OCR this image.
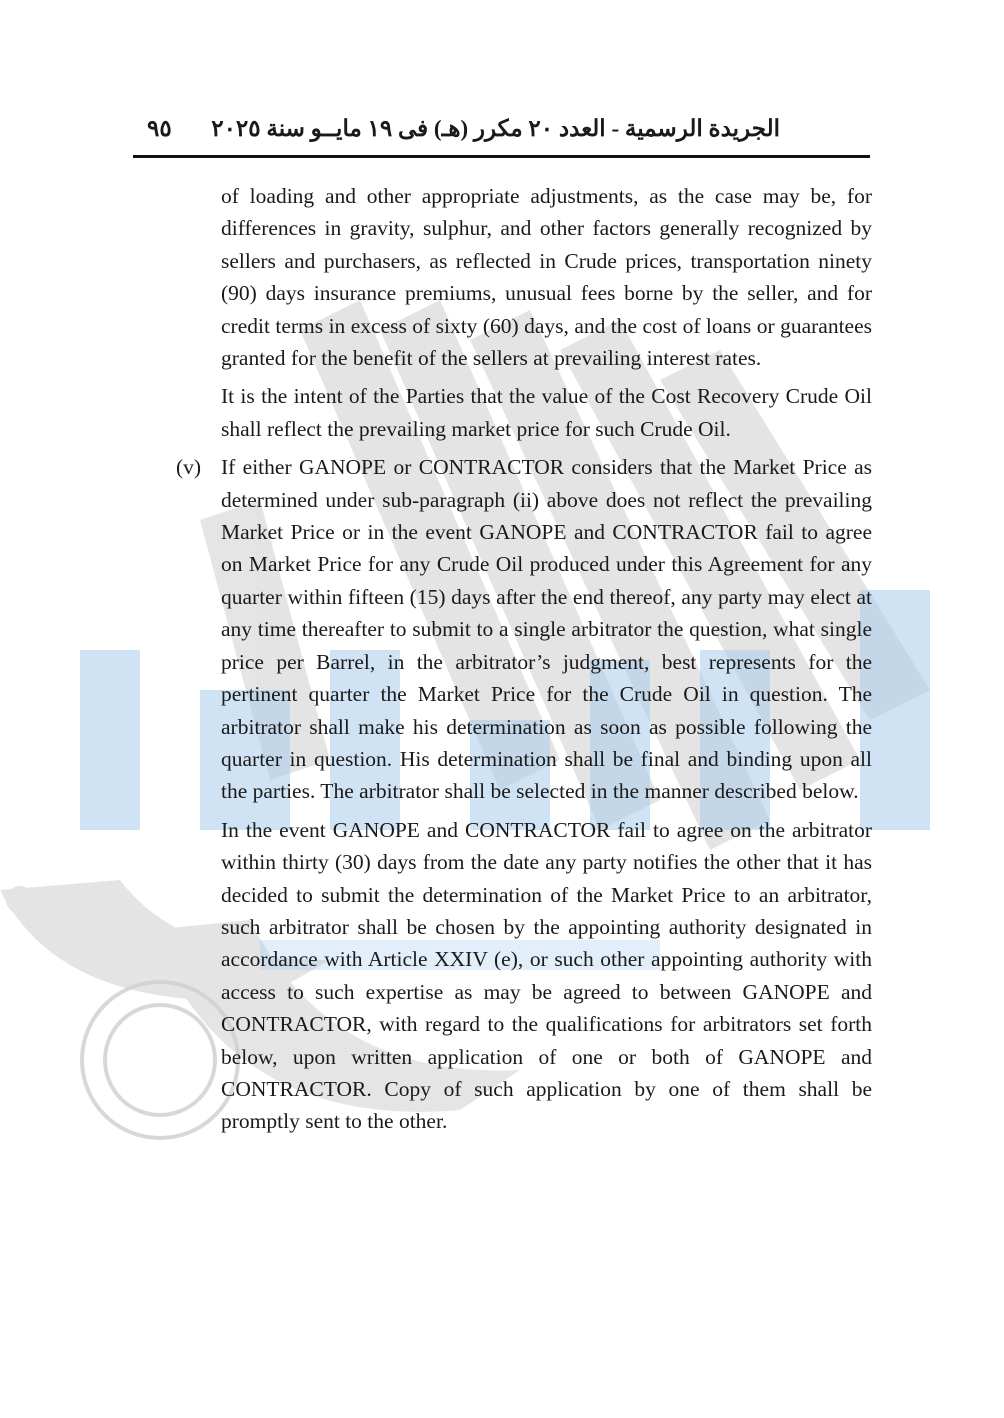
الجريدة الرسمية - العدد ٢٠ مكرر (هـ) فى ١٩ مايــو سنة ٢٠٢٥
٩٥

of loading and other appropriate adjustments, as the case may be, for differences in gravity, sulphur, and other factors generally recognized by sellers and purchasers, as reflected in Crude prices, transportation ninety (90) days insurance premiums, unusual fees borne by the seller, and for credit terms in excess of sixty (60) days, and the cost of loans or guarantees granted for the benefit of the sellers at prevailing interest rates.

It is the intent of the Parties that the value of the Cost Recovery Crude Oil shall reflect the prevailing market price for such Crude Oil.

(v) If either GANOPE or CONTRACTOR considers that the Market Price as determined under sub-paragraph (ii) above does not reflect the prevailing Market Price or in the event GANOPE and CONTRACTOR fail to agree on Market Price for any Crude Oil produced under this Agreement for any quarter within fifteen (15) days after the end thereof, any party may elect at any time thereafter to submit to a single arbitrator the question, what single price per Barrel, in the arbitrator’s judgment, best represents for the pertinent quarter the Market Price for the Crude Oil in question. The arbitrator shall make his determination as soon as possible following the quarter in question. His determination shall be final and binding upon all the parties. The arbitrator shall be selected in the manner described below.

In the event GANOPE and CONTRACTOR fail to agree on the arbitrator within thirty (30) days from the date any party notifies the other that it has decided to submit the determination of the Market Price to an arbitrator, such arbitrator shall be chosen by the appointing authority designated in accordance with Article XXIV (e), or such other appointing authority with access to such expertise as may be agreed to between GANOPE and CONTRACTOR, with regard to the qualifications for arbitrators set forth below, upon written application of one or both of GANOPE and CONTRACTOR. Copy of such application by one of them shall be promptly sent to the other.
